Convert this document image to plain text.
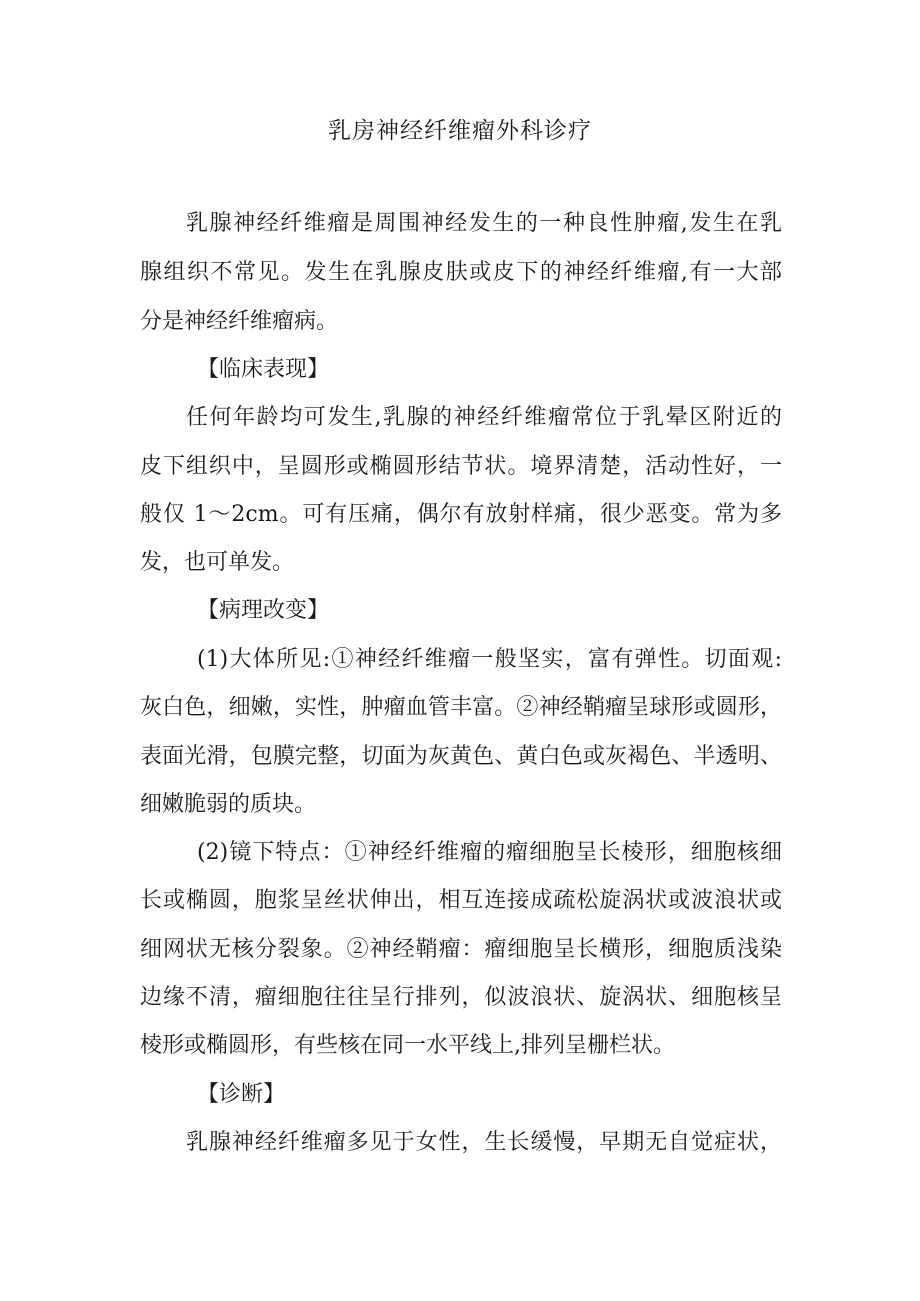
乳房神经纤维瘤外科诊疗
乳腺神经纤维瘤是周围神经发生的一种良性肿瘤,发生在乳
腺组织不常见。发生在乳腺皮肤或皮下的神经纤维瘤,有一大部
分是神经纤维瘤病。
【临床表现】
任何年龄均可发生,乳腺的神经纤维瘤常位于乳晕区附近的
皮下组织中，呈圆形或椭圆形结节状。境界清楚，活动性好，一
般仅 1～2cm。可有压痛，偶尔有放射样痛，很少恶变。常为多
发，也可单发。
【病理改变】
(1)大体所见:①神经纤维瘤一般坚实，富有弹性。切面观:
灰白色，细嫩，实性，肿瘤血管丰富。②神经鞘瘤呈球形或圆形，
表面光滑，包膜完整，切面为灰黄色、黄白色或灰褐色、半透明、
细嫩脆弱的质块。
(2)镜下特点：①神经纤维瘤的瘤细胞呈长棱形，细胞核细
长或椭圆，胞浆呈丝状伸出，相互连接成疏松旋涡状或波浪状或
细网状无核分裂象。②神经鞘瘤：瘤细胞呈长横形，细胞质浅染
边缘不清，瘤细胞往往呈行排列，似波浪状、旋涡状、细胞核呈
棱形或椭圆形，有些核在同一水平线上,排列呈栅栏状。
【诊断】
乳腺神经纤维瘤多见于女性，生长缓慢，早期无自觉症状，
